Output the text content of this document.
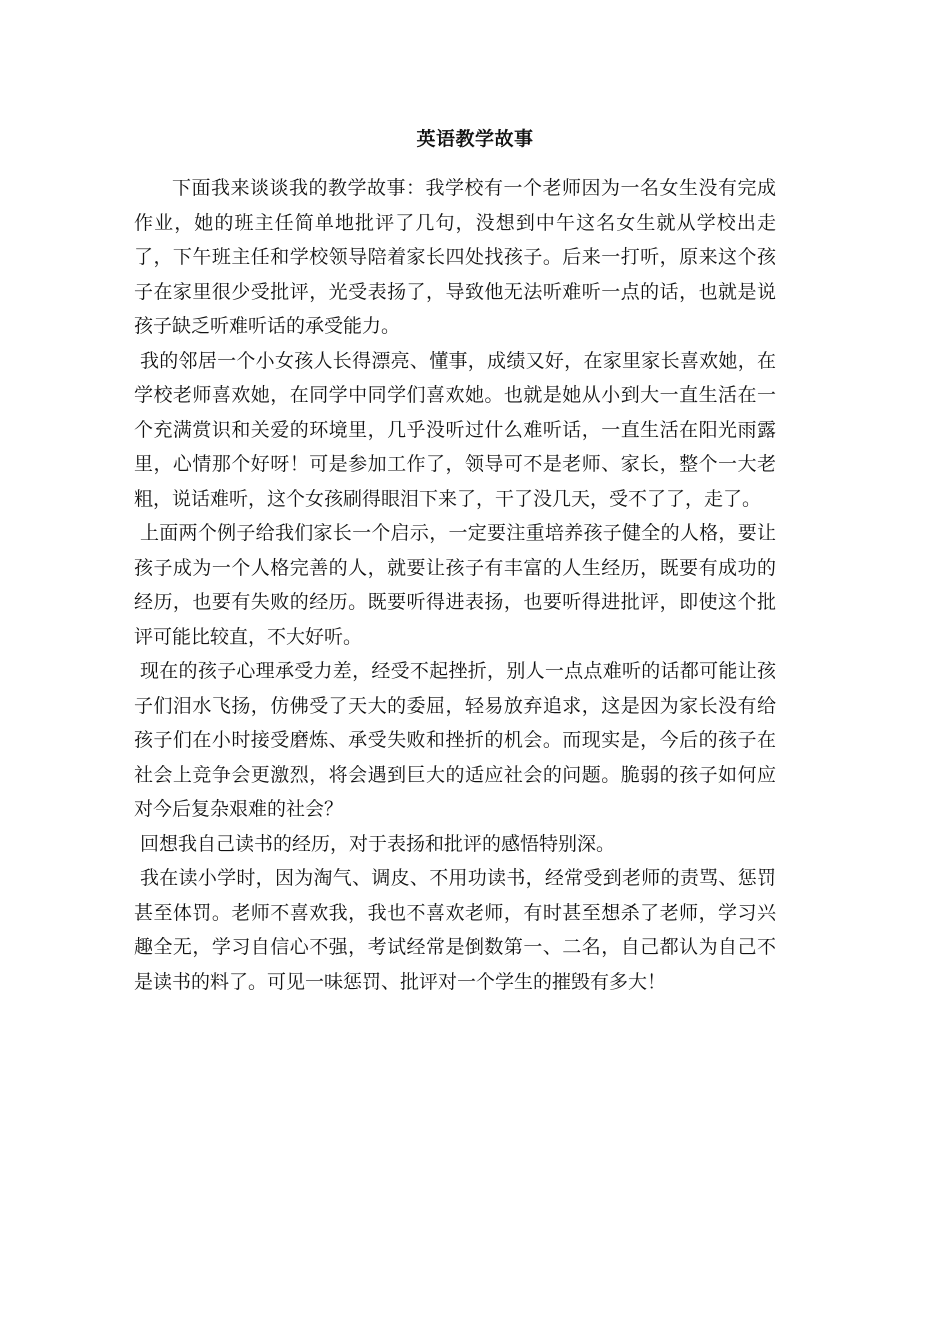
英语教学故事

下面我来谈谈我的教学故事：我学校有一个老师因为一名女生没有完成作业，她的班主任简单地批评了几句，没想到中午这名女生就从学校出走了，下午班主任和学校领导陪着家长四处找孩子。后来一打听，原来这个孩子在家里很少受批评，光受表扬了，导致他无法听难听一点的话，也就是说孩子缺乏听难听话的承受能力。

我的邻居一个小女孩人长得漂亮、懂事，成绩又好，在家里家长喜欢她，在学校老师喜欢她，在同学中同学们喜欢她。也就是她从小到大一直生活在一个充满赏识和关爱的环境里，几乎没听过什么难听话，一直生活在阳光雨露里，心情那个好呀！可是参加工作了，领导可不是老师、家长，整个一大老粗，说话难听，这个女孩刷得眼泪下来了，干了没几天，受不了了，走了。

上面两个例子给我们家长一个启示，一定要注重培养孩子健全的人格，要让孩子成为一个人格完善的人，就要让孩子有丰富的人生经历，既要有成功的经历，也要有失败的经历。既要听得进表扬，也要听得进批评，即使这个批评可能比较直，不大好听。

现在的孩子心理承受力差，经受不起挫折，别人一点点难听的话都可能让孩子们泪水飞扬，仿佛受了天大的委屈，轻易放弃追求，这是因为家长没有给孩子们在小时接受磨炼、承受失败和挫折的机会。而现实是，今后的孩子在社会上竞争会更激烈，将会遇到巨大的适应社会的问题。脆弱的孩子如何应对今后复杂艰难的社会？

回想我自己读书的经历，对于表扬和批评的感悟特别深。

我在读小学时，因为淘气、调皮、不用功读书，经常受到老师的责骂、惩罚甚至体罚。老师不喜欢我，我也不喜欢老师，有时甚至想杀了老师，学习兴趣全无，学习自信心不强，考试经常是倒数第一、二名，自己都认为自己不是读书的料了。可见一味惩罚、批评对一个学生的摧毁有多大！
